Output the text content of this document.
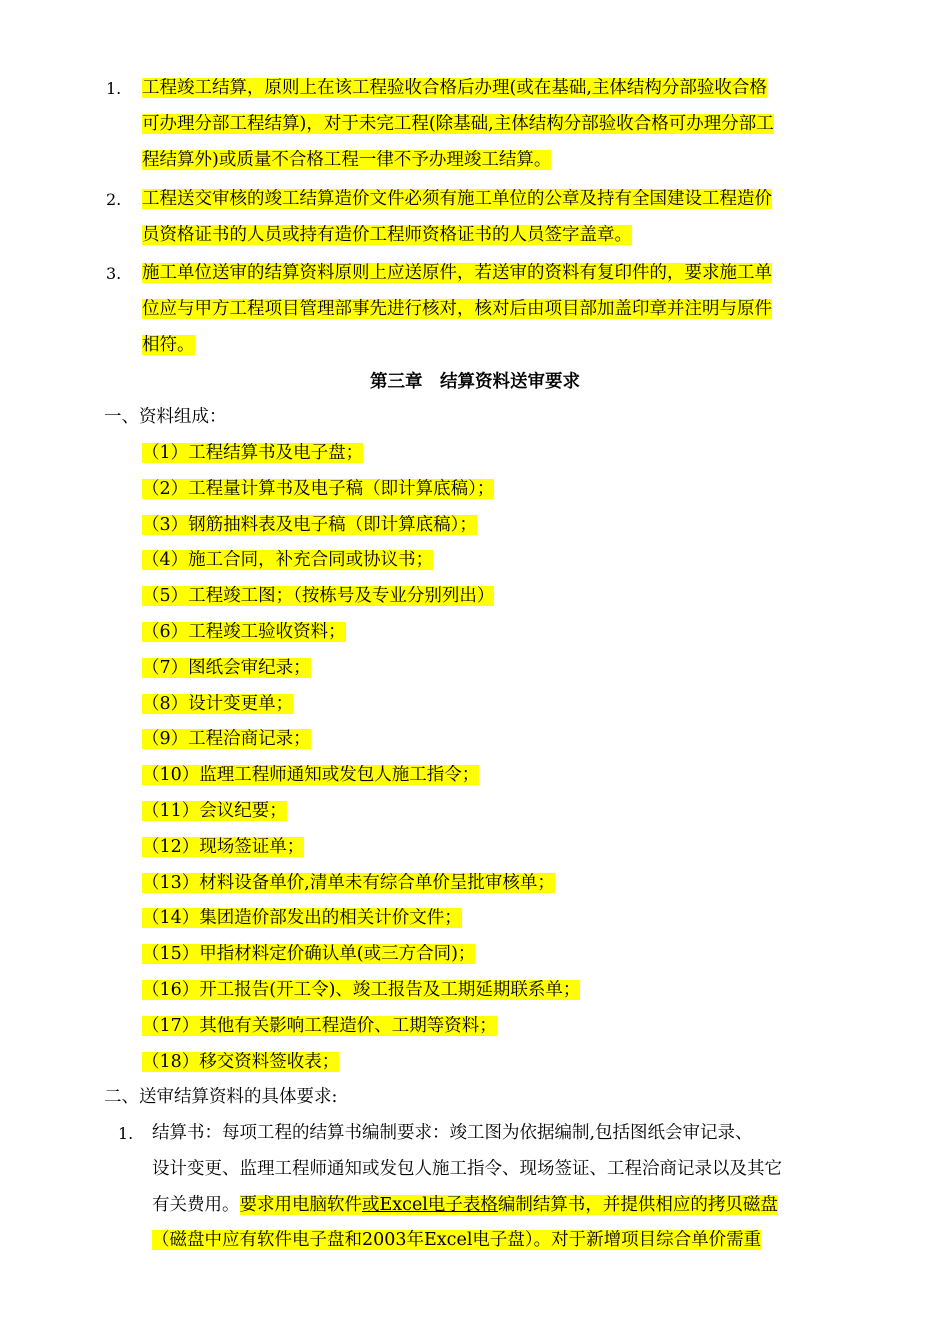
1. 工程竣工结算，原则上在该工程验收合格后办理(或在基础,主体结构分部验收合格
可办理分部工程结算)，对于未完工程(除基础,主体结构分部验收合格可办理分部工
程结算外)或质量不合格工程一律不予办理竣工结算。
2. 工程送交审核的竣工结算造价文件必须有施工单位的公章及持有全国建设工程造价
员资格证书的人员或持有造价工程师资格证书的人员签字盖章。
3. 施工单位送审的结算资料原则上应送原件，若送审的资料有复印件的，要求施工单
位应与甲方工程项目管理部事先进行核对，核对后由项目部加盖印章并注明与原件
相符。
第三章　结算资料送审要求
一、资料组成：
（1）工程结算书及电子盘；
（2）工程量计算书及电子稿（即计算底稿）；
（3）钢筋抽料表及电子稿（即计算底稿）；
（4）施工合同，补充合同或协议书；
（5）工程竣工图；（按栋号及专业分别列出）
（6）工程竣工验收资料；
（7）图纸会审纪录；
（8）设计变更单；
（9）工程洽商记录；
（10）监理工程师通知或发包人施工指令；
（11）会议纪要；
（12）现场签证单；
（13）材料设备单价,清单未有综合单价呈批审核单；
（14）集团造价部发出的相关计价文件；
（15）甲指材料定价确认单(或三方合同)；
（16）开工报告(开工令)、竣工报告及工期延期联系单；
（17）其他有关影响工程造价、工期等资料；
（18）移交资料签收表；
二、送审结算资料的具体要求:
1. 结算书：每项工程的结算书编制要求：竣工图为依据编制,包括图纸会审记录、
设计变更、监理工程师通知或发包人施工指令、现场签证、工程洽商记录以及其它
有关费用。要求用电脑软件或Excel电子表格编制结算书，并提供相应的拷贝磁盘
（磁盘中应有软件电子盘和2003年Excel电子盘）。对于新增项目综合单价需重
